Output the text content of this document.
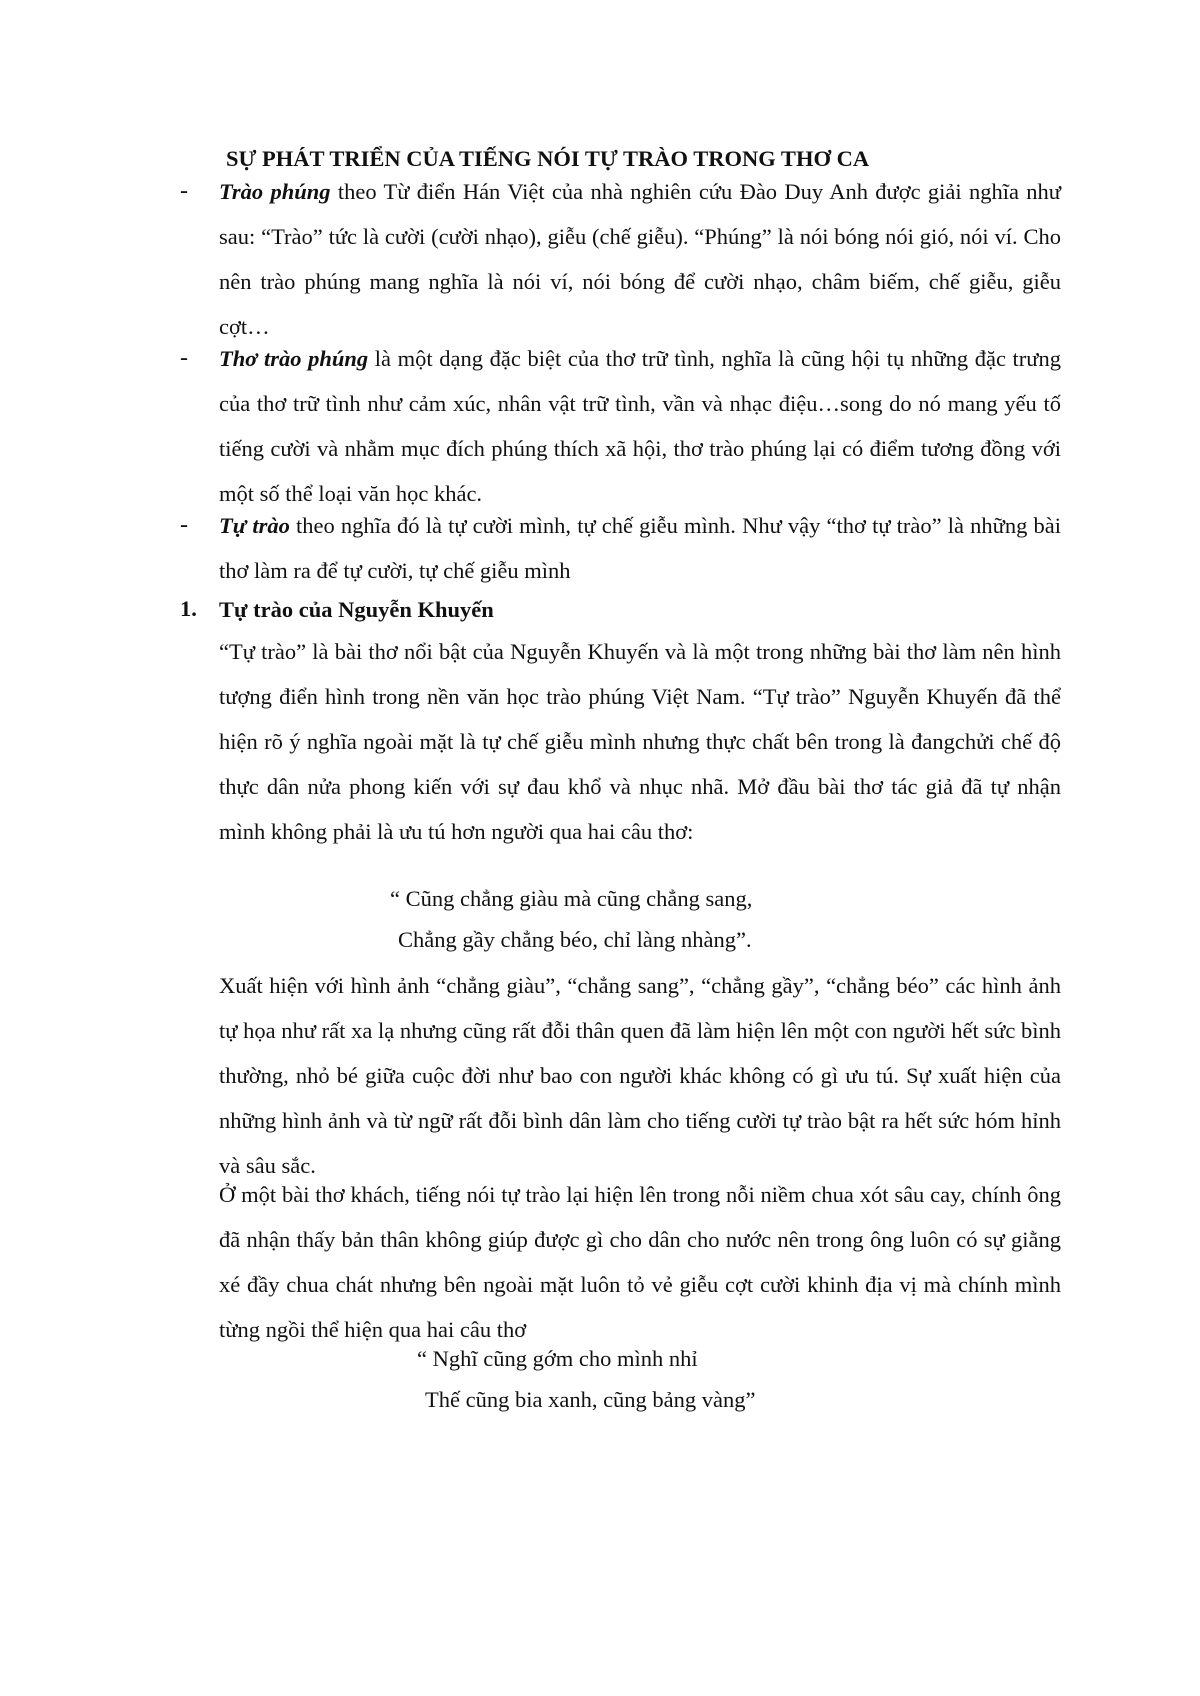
SỰ PHÁT TRIỂN CỦA TIẾNG NÓI TỰ TRÀO TRONG THƠ CA
- Trào phúng theo Từ điển Hán Việt của nhà nghiên cứu Đào Duy Anh được giải nghĩa như sau: “Trào” tức là cười (cười nhạo), giễu (chế giễu). “Phúng” là nói bóng nói gió, nói ví. Cho nên trào phúng mang nghĩa là nói ví, nói bóng để cười nhạo, châm biếm, chế giễu, giễu cợt…
- Thơ trào phúng là một dạng đặc biệt của thơ trữ tình, nghĩa là cũng hội tụ những đặc trưng của thơ trữ tình như cảm xúc, nhân vật trữ tình, vần và nhạc điệu…song do nó mang yếu tố tiếng cười và nhằm mục đích phúng thích xã hội, thơ trào phúng lại có điểm tương đồng với một số thể loại văn học khác.
- Tự trào theo nghĩa đó là tự cười mình, tự chế giễu mình. Như vậy “thơ tự trào” là những bài thơ làm ra để tự cười, tự chế giễu mình
1. Tự trào của Nguyễn Khuyến
“Tự trào” là bài thơ nổi bật của Nguyễn Khuyến và là một trong những bài thơ làm nên hình tượng điển hình trong nền văn học trào phúng Việt Nam. “Tự trào” Nguyễn Khuyến đã thể hiện rõ ý nghĩa ngoài mặt là tự chế giễu mình nhưng thực chất bên trong là đangchửi chế độ thực dân nửa phong kiến với sự đau khổ và nhục nhã. Mở đầu bài thơ tác giả đã tự nhận mình không phải là ưu tú hơn người qua hai câu thơ:
“ Cũng chẳng giàu mà cũng chẳng sang,
Chẳng gầy chẳng béo, chỉ làng nhàng”.
Xuất hiện với hình ảnh “chẳng giàu”, “chẳng sang”, “chẳng gầy”, “chẳng béo” các hình ảnh tự họa như rất xa lạ nhưng cũng rất đỗi thân quen đã làm hiện lên một con người hết sức bình thường, nhỏ bé giữa cuộc đời như bao con người khác không có gì ưu tú. Sự xuất hiện của những hình ảnh và từ ngữ rất đỗi bình dân làm cho tiếng cười tự trào bật ra hết sức hóm hỉnh và sâu sắc.
Ở một bài thơ khách, tiếng nói tự trào lại hiện lên trong nỗi niềm chua xót sâu cay, chính ông đã nhận thấy bản thân không giúp được gì cho dân cho nước nên trong ông luôn có sự giằng xé đầy chua chát nhưng bên ngoài mặt luôn tỏ vẻ giễu cợt cười khinh địa vị mà chính mình từng ngồi thể hiện qua hai câu thơ
“ Nghĩ cũng gớm cho mình nhỉ
Thế cũng bia xanh, cũng bảng vàng”
